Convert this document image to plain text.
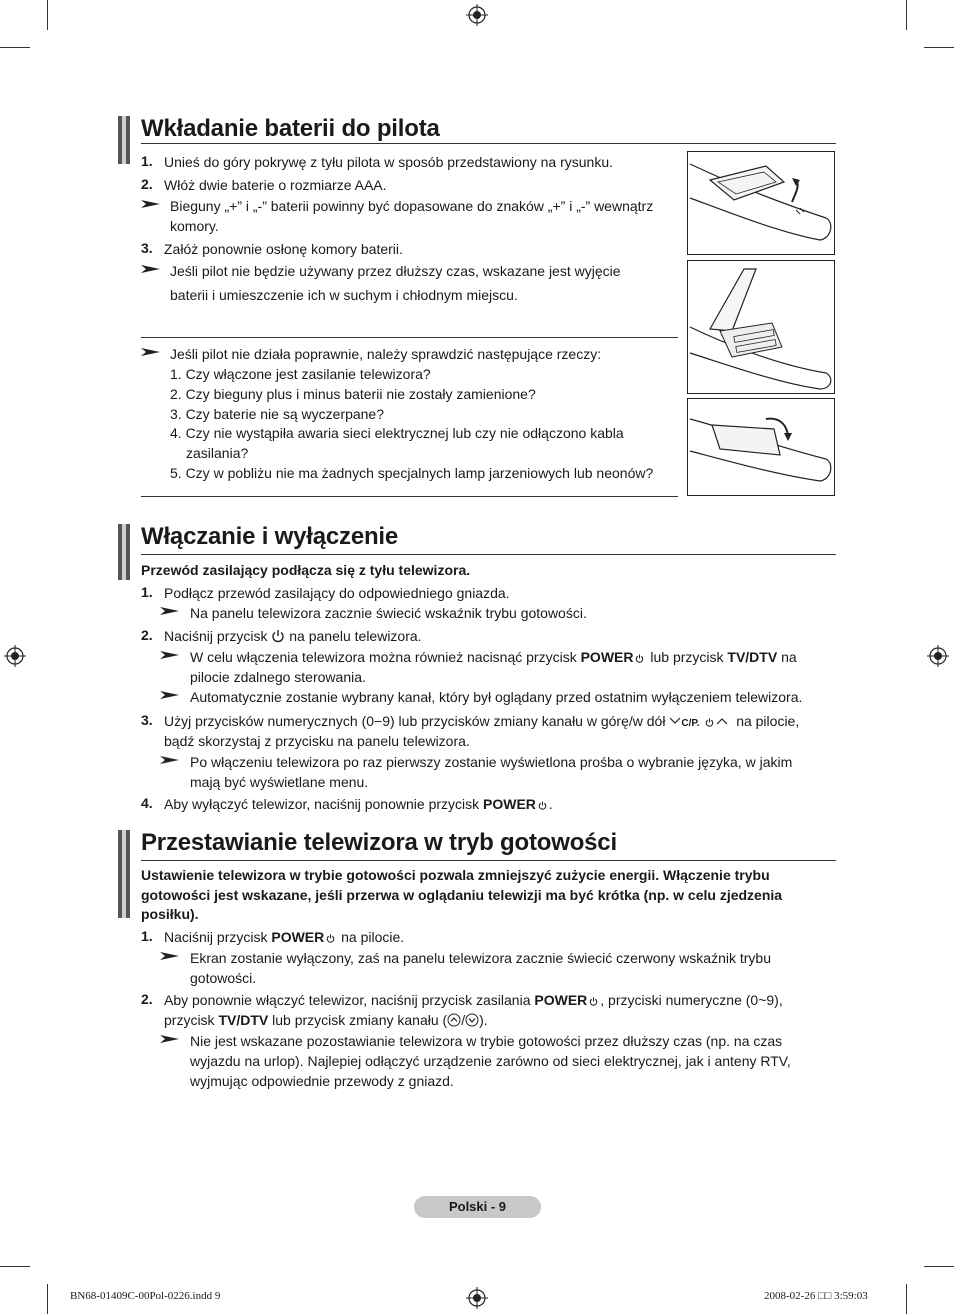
Wkładanie baterii do pilota
1. Unieś do góry pokrywę z tyłu pilota w sposób przedstawiony na rysunku.
2. Włóż dwie baterie o rozmiarze AAA.
Bieguny „+” i „-” baterii powinny być dopasowane do znaków „+” i „-” wewnątrz
komory.
3. Załóż ponownie osłonę komory baterii.
Jeśli pilot nie będzie używany przez dłuższy czas, wskazane jest wyjęcie
baterii i umieszczenie ich w suchym i chłodnym miejscu.
Jeśli pilot nie działa poprawnie, należy sprawdzić następujące rzeczy:
1. Czy włączone jest zasilanie telewizora?
2. Czy bieguny plus i minus baterii nie zostały zamienione?
3. Czy baterie nie są wyczerpane?
4. Czy nie wystąpiła awaria sieci elektrycznej lub czy nie odłączono kabla
zasilania?
5. Czy w pobliżu nie ma żadnych specjalnych lamp jarzeniowych lub neonów?
Włączanie i wyłączenie
Przewód zasilający podłącza się z tyłu telewizora.
1. Podłącz przewód zasilający do odpowiedniego gniazda.
Na panelu telewizora zacznie świecić wskaźnik trybu gotowości.
2. Naciśnij przycisk na panelu telewizora.
W celu włączenia telewizora można również nacisnąć przycisk POWER lub przycisk TV/DTV na
pilocie zdalnego sterowania.
Automatycznie zostanie wybrany kanał, który był oglądany przed ostatnim wyłączeniem telewizora.
3. Użyj przycisków numerycznych (0−9) lub przycisków zmiany kanału w górę/w dół C/P.	na pilocie,
bądź skorzystaj z przycisku na panelu telewizora.
Po włączeniu telewizora po raz pierwszy zostanie wyświetlona prośba o wybranie języka, w jakim
mają być wyświetlane menu.
4. Aby wyłączyć telewizor, naciśnij ponownie przycisk POWER .
Przestawianie telewizora w tryb gotowości
Ustawienie telewizora w trybie gotowości pozwala zmniejszyć zużycie energii. Włączenie trybu
gotowości jest wskazane, jeśli przerwa w oglądaniu telewizji ma być krótka (np. w celu zjedzenia
posiłku).
1. Naciśnij przycisk POWER na pilocie.
Ekran zostanie wyłączony, zaś na panelu telewizora zacznie świecić czerwony wskaźnik trybu
gotowości.
2. Aby ponownie włączyć telewizor, naciśnij przycisk zasilania POWER , przyciski numeryczne (0~9),
przycisk TV/DTV lub przycisk zmiany kanału ( / ).
Nie jest wskazane pozostawianie telewizora w trybie gotowości przez dłuższy czas (np. na czas
wyjazdu na urlop). Najlepiej odłączyć urządzenie zarówno od sieci elektrycznej, jak i anteny RTV,
wyjmując odpowiednie przewody z gniazd.
Polski - 9
BN68-01409C-00Pol-0226.indd 9	2008-02-26 □□ 3:59:03
